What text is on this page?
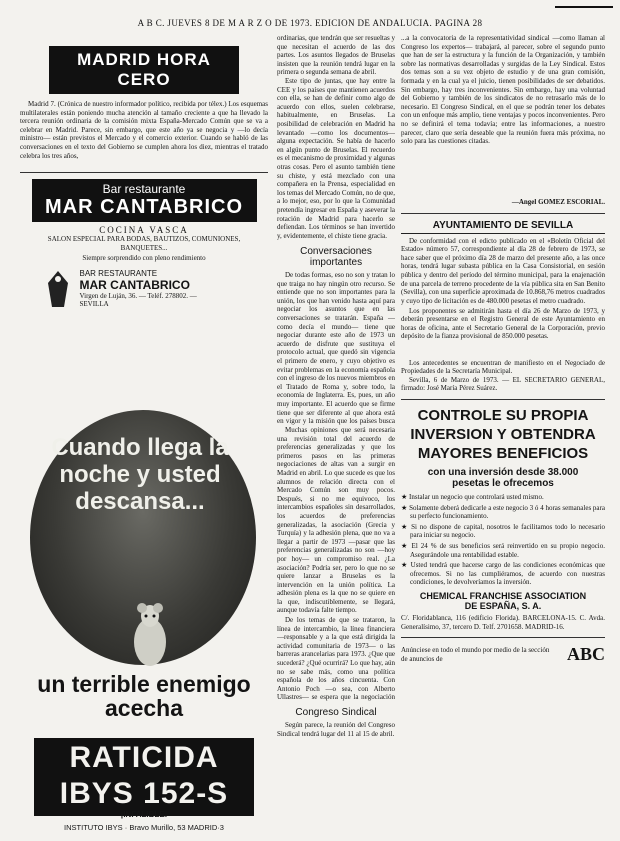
A B C. JUEVES 8 DE M A R Z O DE 1973. EDICION DE ANDALUCIA. PAGINA 28
MADRID HORA CERO

Madrid 7. (Crónica de nuestro informador político, recibida por télex.) Los esquemas multilaterales están poniendo mucha atención al tamaño creciente a que ha llevado la tercera reunión ordinaria de la comisión mixta España-Mercado Común que se va a celebrar en Madrid. Parece, sin embargo, que este año ya se negocia y —lo decía ministro— están previstos el Mercado y el comercio exterior. Cuando se habló de las conversaciones en el texto del Gobierno se cumplen ahora los diez, mientras el tratado celebra los tres años,

Bar restaurante
MAR CANTABRICO
COCINA VASCA
SALON ESPECIAL PARA BODAS, BAUTIZOS, COMUNIONES, BANQUETES...
Siempre sorprendido con pleno rendimiento
BAR RESTAURANTE
MAR CANTABRICO
Virgen de Luján, 36. — Teléf. 278802. — SEVILLA
Cuando llega la noche y usted descansa...
un terrible enemigo acecha
RATICIDA
IBYS 152-S
¡INFALIBLE!
INSTITUTO IBYS · Bravo Murillo, 53 MADRID·3

ordinarias, que tendrán que ser resueltas y que necesitan el acuerdo de las dos partes. Los asuntos llegados de Bruselas insisten que la reunión tendrá lugar en la primera o segunda semana de abril.

Este tipo de juntas, que hay entre la CEE y los países que mantienen acuerdos con ella, se han de definir como algo de acuerdo con ellos, suelen celebrarse, habitualmente, en Bruselas. La posibilidad de celebración en Madrid ha levantado —como los documentos— alguna expectación. Se había de hacerlo en algún punto de Bruselas. El recuerdo es el mecanismo de proximidad y algunas otras cosas. Pero el asunto también tiene su chiste, y está mezclado con una compañera en la Prensa, especialidad en los temas del Mercado Común, no de que, a lo mejor, eso, por lo que la Comunidad pretendía ingresar en España y aseverar la rotación de Madrid para hacerlo se defiendan. Los términos se han invertido y, evidentemente, el chiste tiene gracia.

Conversaciones importantes

De todas formas, eso no son y tratan lo que traiga no hay ningún otro recurso. Se entiende que no son importantes para la unión, los que han venido hasta aquí para negociar los asuntos que en las conversaciones se tratarán. España —como decía el mundo— tiene que negociar durante este año de 1973 un acuerdo de disfrute que sustituya el protocolo actual, que quedó sin vigencia el primero de enero, y cuyo objetivo es evitar problemas en la economía española con el ingreso de los nuevos miembros en el Tratado de Roma y, sobre todo, la economía de Inglaterra. Es, pues, un año muy importante. El acuerdo que se firme tiene que ser diferente al que ahora está en vigor y la misión que los países busca

Muchas opiniones que será necesaria una revisión total del acuerdo de preferencias generalizadas y que los primeros pasos en las primeras negociaciones de altas van a surgir en Madrid en abril. Lo que sucede es que los alumnos de relación directa con el Mercado Común son muy pocos. Después, si no me equivoco, los intercambios españoles sin desarrollados, los acuerdos de preferencias generalizadas, la asociación (Grecia y Turquía) y la adhesión plena, que no va a llegar a partir de 1973 —pasar que las preferencias generalizadas no son —hoy por hoy— un compromiso real. ¿La asociación? Podría ser, pero lo que no se quiere lanzar a Bruselas es la intervención en la unión política. La adhesión plena es la que no se quiere en la que, indiscutiblemente, se llegará, aunque todavía falte tiempo.

De los temas de que se trataron, la línea de intercambio, la línea financiera —responsable y a la que está dirigida la actividad comunitaria de 1973— o las barreras arancelarias para 1973. ¿Que que sucederá? ¿Qué ocurrirá? Lo que hay, aún no se sabe más, como una política española de los años cincuenta. Con Antonio Poch —o sea, con Alberto Ullastres— se espera que la negociación

Congreso Sindical

Según parece, la reunión del Congreso Sindical tendrá lugar del 11 al 15 de abril.

...a la convocatoria de la representatividad sindical —como llaman al Congreso los expertos— trabajará, al parecer, sobre el segundo punto que han de ser la estructura y la función de la Organización, y también sobre las normativas desarrolladas y surgidas de la Ley Sindical. Estos dos temas son a su vez objeto de estudio y de una gran comisión, formada y en la cual ya el juicio, tienen posibilidades de ser debatidos. Sin embargo, hay tres inconvenientes. Sin embargo, hay una voluntad del Gobierno y también de los sindicatos de no retrasarlo más de lo necesario. El Congreso Sindical, en el que se podrán tener los debates con un enfoque más amplio, tiene ventajas y pocos inconvenientes. Pero no se definirá el tema todavía; entre las informaciones, a nuestro parecer, claro que sería deseable que la reunión fuera más próxima, no solo para las cuestiones citadas.

—Angel GOMEZ ESCORIAL.

AYUNTAMIENTO DE SEVILLA

De conformidad con el edicto publicado en el «Boletín Oficial del Estado» número 57, correspondiente al día 28 de febrero de 1973, se hace saber que el próximo día 28 de marzo del presente año, a las once horas, tendrá lugar subasta pública en la Casa Consistorial, en sesión pública y dentro del período del término municipal, para la enajenación de una parcela de terreno procedente de la vía pública sita en San Benito (Sevilla), con una superficie aproximada de 10.868,76 metros cuadrados y cuyo tipo de licitación es de 480.000 pesetas el metro cuadrado.

Los proponentes se admitirán hasta el día 26 de Marzo de 1973, y deberán presentarse en el Registro General de este Ayuntamiento en horas de oficina, ante el Secretario General de la Corporación, previo depósito de la fianza provisional de 850.000 pesetas.

Los antecedentes se encuentran de manifiesto en el Negociado de Propiedades de la Secretaría Municipal.

Sevilla, 6 de Marzo de 1973. — EL SECRETARIO GENERAL, firmado: José María Pérez Suárez.

CONTROLE SU PROPIA INVERSION Y OBTENDRA MAYORES BENEFICIOS
con una inversión desde 38.000
pesetas le ofrecemos

★ Instalar un negocio que controlará usted mismo.

★ Solamente deberá dedicarle a este negocio 3 ó 4 horas semanales para su perfecto funcionamiento.

★ Si no dispone de capital, nosotros le facilitamos todo lo necesario para iniciar su negocio.

★ El 24 % de sus beneficios será reinvertido en su propio negocio. Asegurándole una rentabilidad estable.

★ Usted tendrá que hacerse cargo de las condiciones económicas que ofrecemos. Si no las cumpliéramos, de acuerdo con nuestras condiciones, le devolveríamos la inversión.

CHEMICAL FRANCHISE ASSOCIATION
DE ESPAÑA, S. A.

C/. Floridablanca, 116 (edificio Florida). BARCELONA-15. C. Avda. Generalísimo, 37, tercero D. Telf. 2701658. MADRID-16.

Anúnciese en todo el mundo por medio de la sección de anuncios de	ABC
